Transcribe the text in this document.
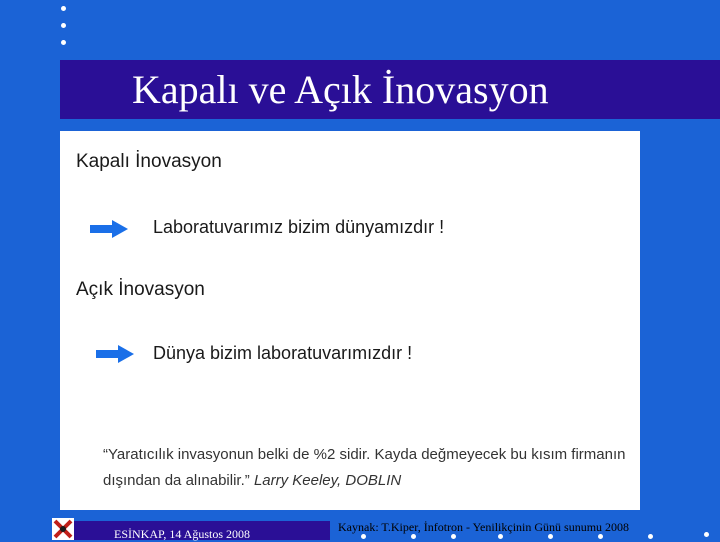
Kapalı ve Açık İnovasyon
Kapalı İnovasyon
Laboratuvarımız bizim dünyamızdır !
Açık İnovasyon
Dünya bizim laboratuvarımızdır !
“Yaratıcılık invasyonun belki de %2 sidir. Kayda değmeyecek bu kısım firmanın dışından da alınabilir.” Larry Keeley, DOBLIN
ESİNKAP, 14 Ağustos 2008	Kaynak: T.Kiper, İnfotron - Yenilikçinin Günü sunumu 2008
